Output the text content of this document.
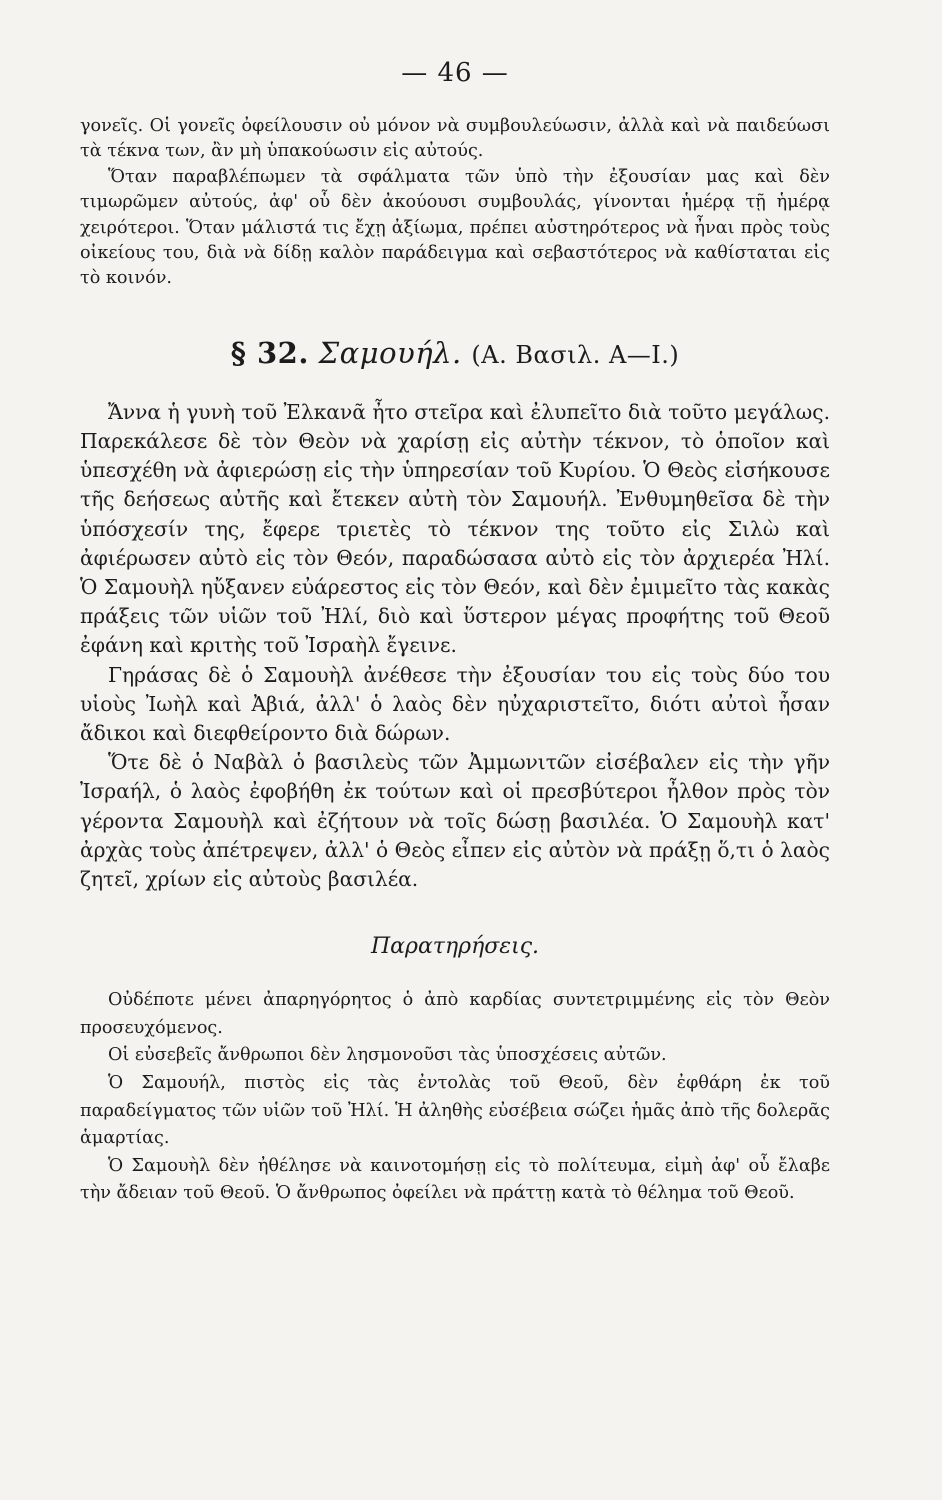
— 46 —

γονεῖς. Οἱ γονεῖς ὀφείλουσιν οὐ μόνον νὰ συμβουλεύωσιν, ἀλλὰ καὶ νὰ παιδεύωσι τὰ τέκνα των, ἂν μὴ ὑπακούωσιν εἰς αὐτούς.

Ὅταν παραβλέπωμεν τὰ σφάλματα τῶν ὑπὸ τὴν ἐξουσίαν μας καὶ δὲν τιμωρῶμεν αὐτούς, ἀφ' οὗ δὲν ἀκούουσι συμβουλάς, γίνονται ἡμέρᾳ τῇ ἡμέρᾳ χειρότεροι. Ὅταν μάλιστά τις ἔχῃ ἀξίωμα, πρέπει αὐστηρότερος νὰ ἦναι πρὸς τοὺς οἰκείους του, διὰ νὰ δίδῃ καλὸν παράδειγμα καὶ σεβαστότερος νὰ καθίσταται εἰς τὸ κοινόν.

§ 32. Σαμουήλ. (Α. Βασιλ. Α—Ι.)

Ἄννα ἡ γυνὴ τοῦ Ἐλκανᾶ ἦτο στεῖρα καὶ ἐλυπεῖτο διὰ τοῦτο μεγάλως. Παρεκάλεσε δὲ τὸν Θεὸν νὰ χαρίσῃ εἰς αὐτὴν τέκνον, τὸ ὁποῖον καὶ ὑπεσχέθη νὰ ἀφιερώσῃ εἰς τὴν ὑπηρεσίαν τοῦ Κυρίου. Ὁ Θεὸς εἰσήκουσε τῆς δεήσεως αὐτῆς καὶ ἔτεκεν αὐτὴ τὸν Σαμουήλ. Ἐνθυμηθεῖσα δὲ τὴν ὑπόσχεσίν της, ἔφερε τριετὲς τὸ τέκνον της τοῦτο εἰς Σιλὼ καὶ ἀφιέρωσεν αὐτὸ εἰς τὸν Θεόν, παραδώσασα αὐτὸ εἰς τὸν ἀρχιερέα Ἠλί. Ὁ Σαμουὴλ ηὔξανεν εὐάρεστος εἰς τὸν Θεόν, καὶ δὲν ἐμιμεῖτο τὰς κακὰς πράξεις τῶν υἱῶν τοῦ Ἠλί, διὸ καὶ ὕστερον μέγας προφήτης τοῦ Θεοῦ ἐφάνη καὶ κριτὴς τοῦ Ἰσραὴλ ἔγεινε.

Γηράσας δὲ ὁ Σαμουὴλ ἀνέθεσε τὴν ἐξουσίαν του εἰς τοὺς δύο του υἱοὺς Ἰωὴλ καὶ Ἀβιά, ἀλλ' ὁ λαὸς δὲν ηὐχαριστεῖτο, διότι αὐτοὶ ἦσαν ἄδικοι καὶ διεφθείροντο διὰ δώρων.

Ὅτε δὲ ὁ Ναβὰλ ὁ βασιλεὺς τῶν Ἀμμωνιτῶν εἰσέβαλεν εἰς τὴν γῆν Ἰσραήλ, ὁ λαὸς ἐφοβήθη ἐκ τούτων καὶ οἱ πρεσβύτεροι ἦλθον πρὸς τὸν γέροντα Σαμουὴλ καὶ ἐζήτουν νὰ τοῖς δώσῃ βασιλέα. Ὁ Σαμουὴλ κατ' ἀρχὰς τοὺς ἀπέτρεψεν, ἀλλ' ὁ Θεὸς εἶπεν εἰς αὐτὸν νὰ πράξῃ ὅ,τι ὁ λαὸς ζητεῖ, χρίων εἰς αὐτοὺς βασιλέα.

Παρατηρήσεις.

Οὐδέποτε μένει ἀπαρηγόρητος ὁ ἀπὸ καρδίας συντετριμμένης εἰς τὸν Θεὸν προσευχόμενος.

Οἱ εὐσεβεῖς ἄνθρωποι δὲν λησμονοῦσι τὰς ὑποσχέσεις αὐτῶν.

Ὁ Σαμουήλ, πιστὸς εἰς τὰς ἐντολὰς τοῦ Θεοῦ, δὲν ἐφθάρη ἐκ τοῦ παραδείγματος τῶν υἱῶν τοῦ Ἠλί. Ἡ ἀληθὴς εὐσέβεια σώζει ἡμᾶς ἀπὸ τῆς δολερᾶς ἁμαρτίας.

Ὁ Σαμουὴλ δὲν ἠθέλησε νὰ καινοτομήσῃ εἰς τὸ πολίτευμα, εἰμὴ ἀφ' οὗ ἔλαβε τὴν ἄδειαν τοῦ Θεοῦ. Ὁ ἄνθρωπος ὀφείλει νὰ πράττῃ κατὰ τὸ θέλημα τοῦ Θεοῦ.
